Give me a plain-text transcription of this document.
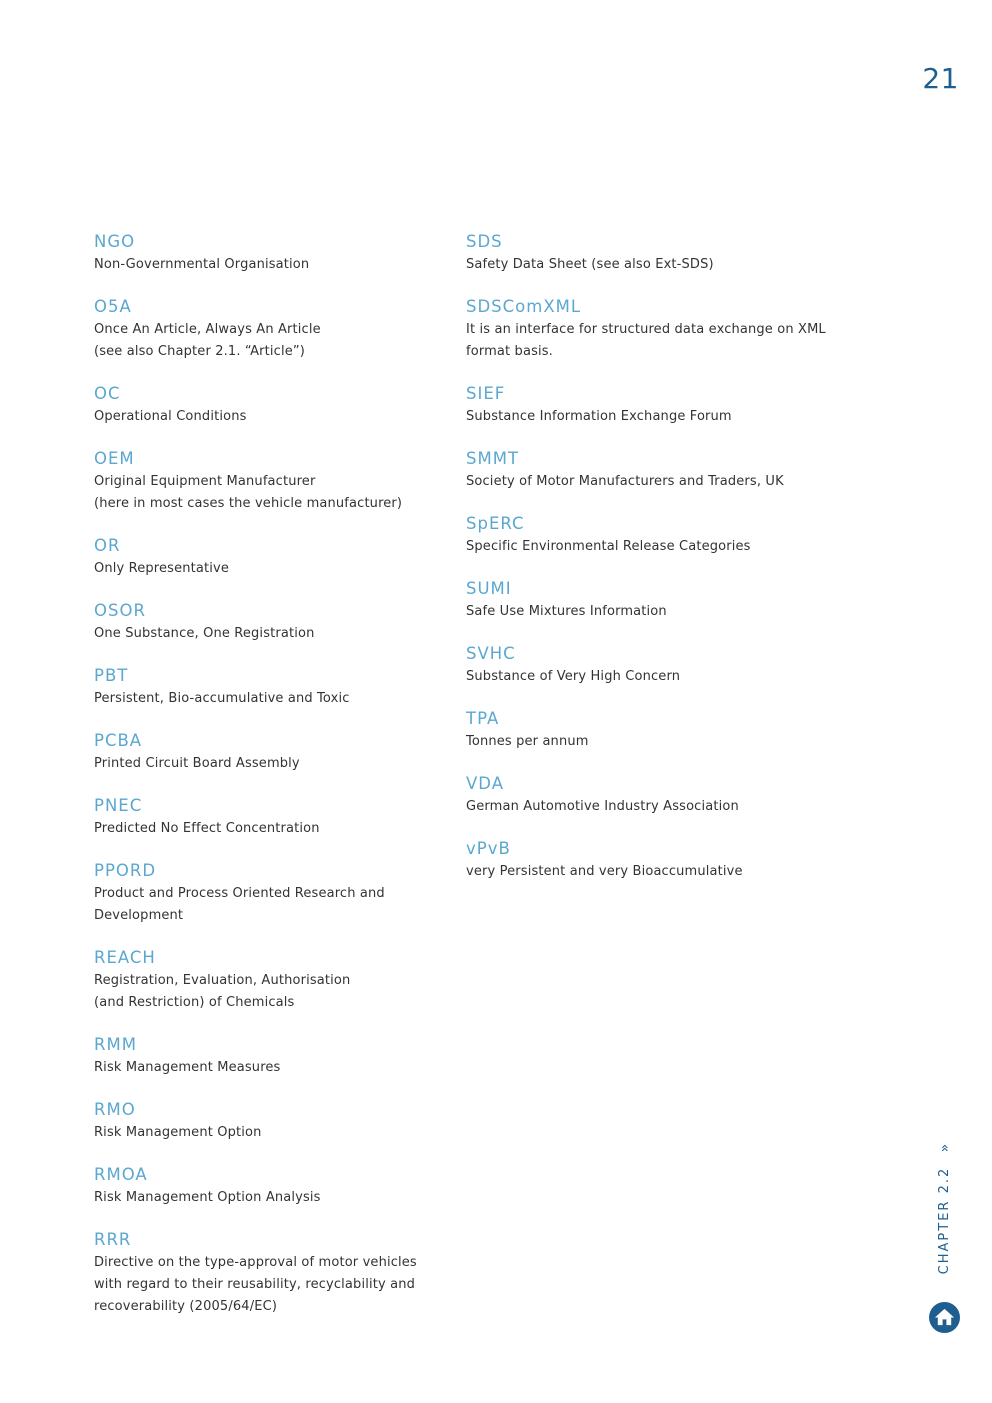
21
NGO
Non-Governmental Organisation
O5A
Once An Article, Always An Article
(see also Chapter 2.1. “Article”)
OC
Operational Conditions
OEM
Original Equipment Manufacturer
(here in most cases the vehicle manufacturer)
OR
Only Representative
OSOR
One Substance, One Registration
PBT
Persistent, Bio-accumulative and Toxic
PCBA
Printed Circuit Board Assembly
PNEC
Predicted No Effect Concentration
PPORD
Product and Process Oriented Research and
Development
REACH
Registration, Evaluation, Authorisation
(and Restriction) of Chemicals
RMM
Risk Management Measures
RMO
Risk Management Option
RMOA
Risk Management Option Analysis
RRR
Directive on the type-approval of motor vehicles
with regard to their reusability, recyclability and
recoverability (2005/64/EC)
SDS
Safety Data Sheet (see also Ext-SDS)
SDSComXML
It is an interface for structured data exchange on XML
format basis.
SIEF
Substance Information Exchange Forum
SMMT
Society of Motor Manufacturers and Traders, UK
SpERC
Specific Environmental Release Categories
SUMI
Safe Use Mixtures Information
SVHC
Substance of Very High Concern
TPA
Tonnes per annum
VDA
German Automotive Industry Association
vPvB
very Persistent and very Bioaccumulative
CHAPTER 2.2 »
